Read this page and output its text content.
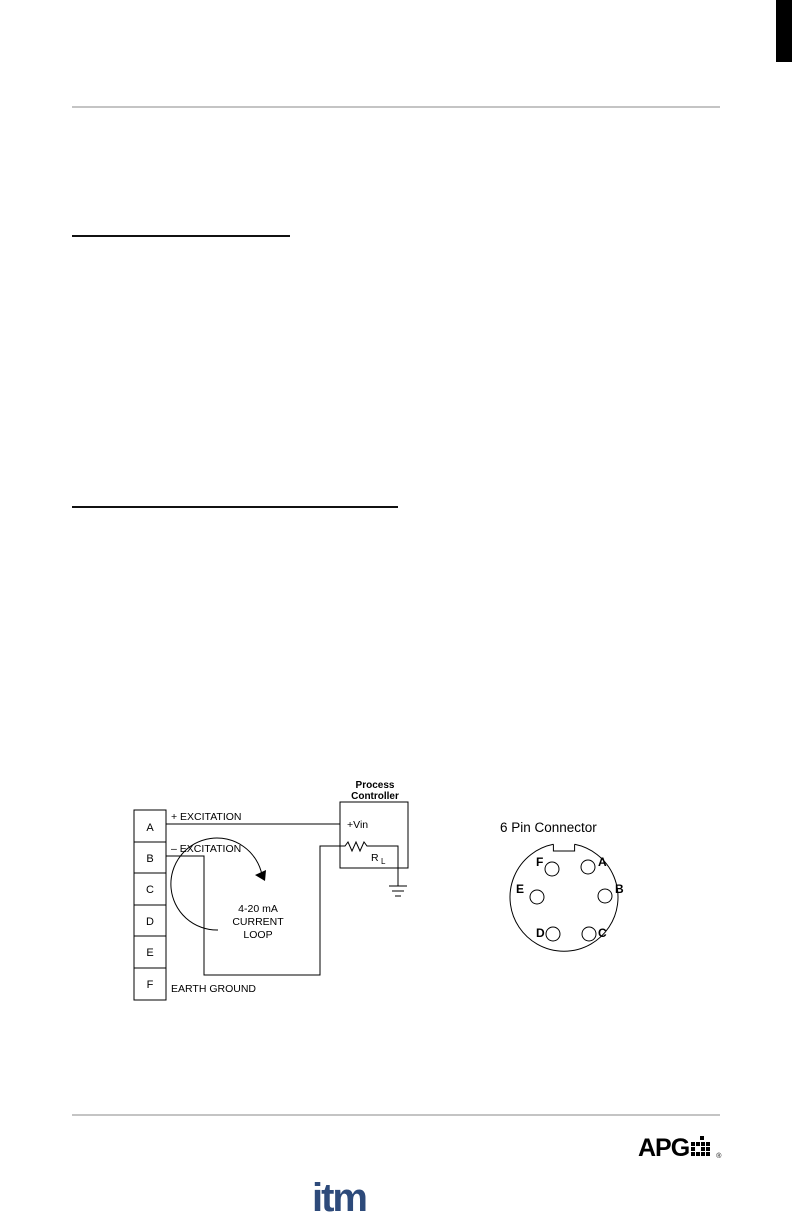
A
B
C
D
E
F
+ EXCITATION
– EXCITATION
EARTH GROUND
4-20 mA
CURRENT
LOOP
Process
Controller
+Vin
R L
6 Pin Connector
F	A
E	B
D	C
APG	®
itm
